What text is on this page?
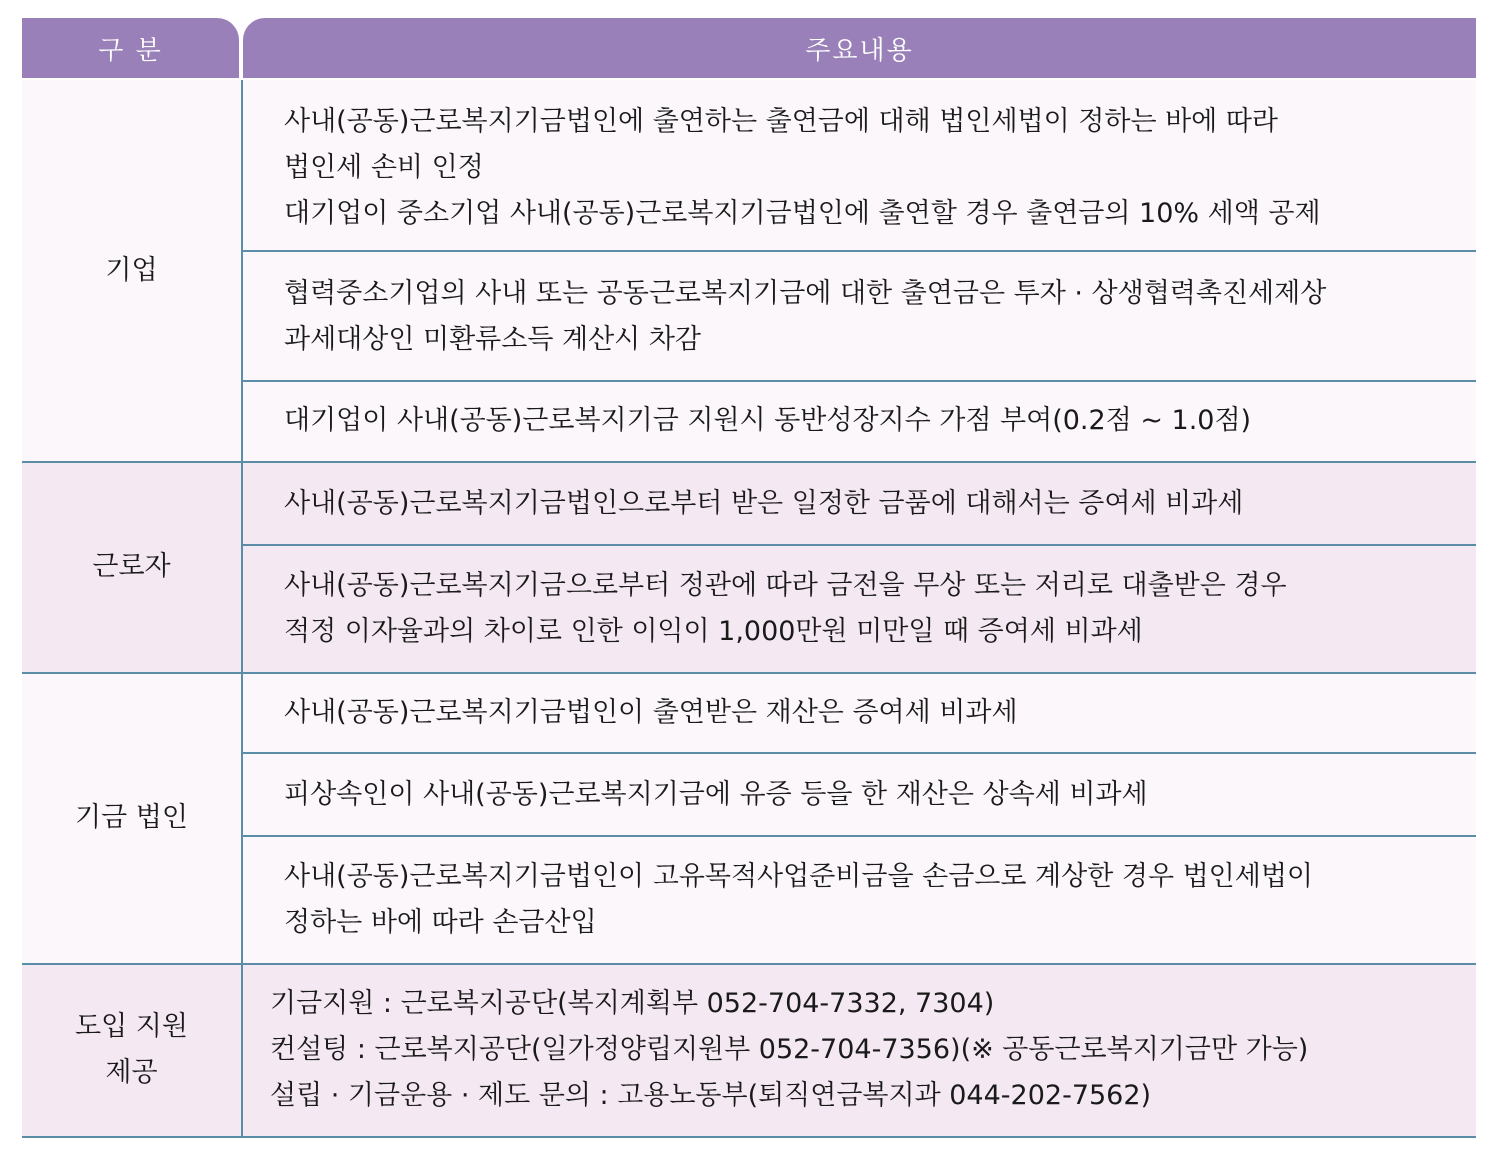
구 분	주요내용
기업
근로자
기금 법인
도입 지원
제공
사내(공동)근로복지기금법인에 출연하는 출연금에 대해 법인세법이 정하는 바에 따라
법인세 손비 인정
대기업이 중소기업 사내(공동)근로복지기금법인에 출연할 경우 출연금의 10% 세액 공제
협력중소기업의 사내 또는 공동근로복지기금에 대한 출연금은 투자 · 상생협력촉진세제상
과세대상인 미환류소득 계산시 차감
대기업이 사내(공동)근로복지기금 지원시 동반성장지수 가점 부여(0.2점 ~ 1.0점)
사내(공동)근로복지기금법인으로부터 받은 일정한 금품에 대해서는 증여세 비과세
사내(공동)근로복지기금으로부터 정관에 따라 금전을 무상 또는 저리로 대출받은 경우
적정 이자율과의 차이로 인한 이익이 1,000만원 미만일 때 증여세 비과세
사내(공동)근로복지기금법인이 출연받은 재산은 증여세 비과세
피상속인이 사내(공동)근로복지기금에 유증 등을 한 재산은 상속세 비과세
사내(공동)근로복지기금법인이 고유목적사업준비금을 손금으로 계상한 경우 법인세법이
정하는 바에 따라 손금산입
기금지원 : 근로복지공단(복지계획부 052-704-7332, 7304)
컨설팅 : 근로복지공단(일가정양립지원부 052-704-7356)(※ 공동근로복지기금만 가능)
설립 · 기금운용 · 제도 문의 : 고용노동부(퇴직연금복지과 044-202-7562)
